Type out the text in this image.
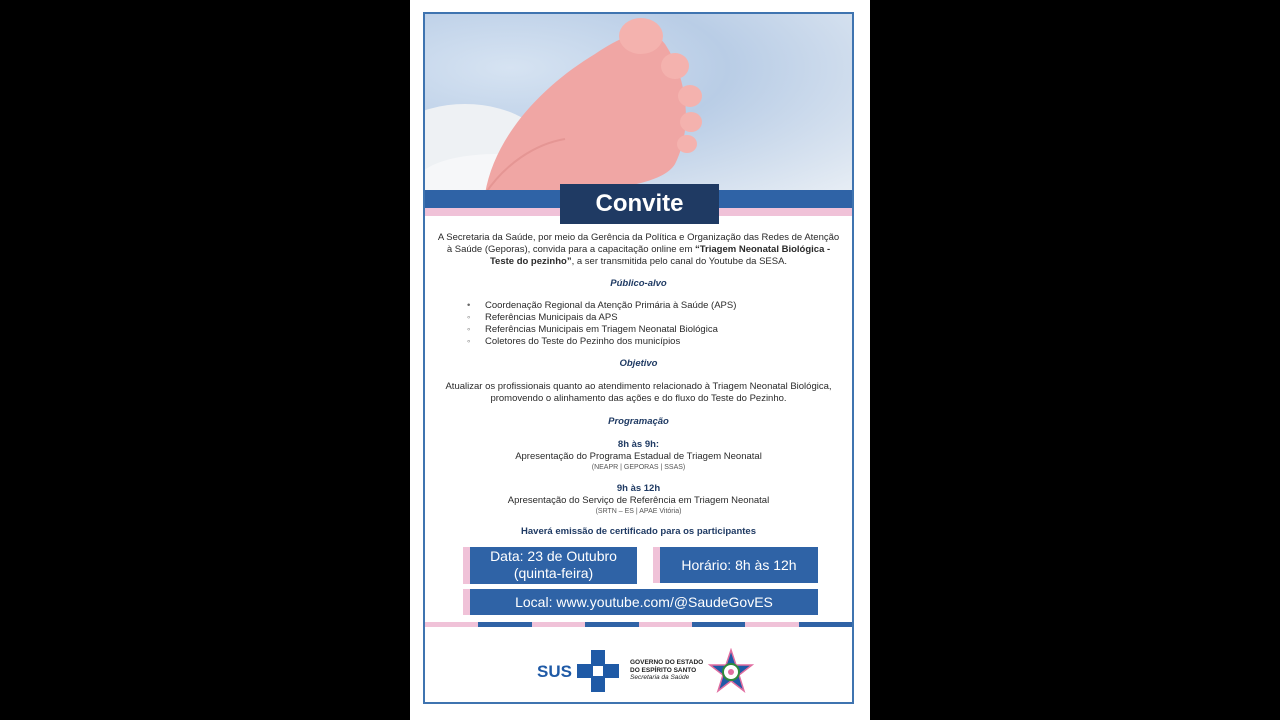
Convite

A Secretaria da Saúde, por meio da Gerência da Política e Organização das Redes de Atenção à Saúde (Geporas), convida para a capacitação online em “Triagem Neonatal Biológica - Teste do pezinho”, a ser transmitida pelo canal do Youtube da SESA.

Público-alvo
• Coordenação Regional da Atenção Primária à Saúde (APS)
◦ Referências Municipais da APS
◦ Referências Municipais em Triagem Neonatal Biológica
◦ Coletores do Teste do Pezinho dos municípios
Objetivo

Atualizar os profissionais quanto ao atendimento relacionado à Triagem Neonatal Biológica, promovendo o alinhamento das ações e do fluxo do Teste do Pezinho.

Programação
8h às 9h:
Apresentação do Programa Estadual de Triagem Neonatal
(NEAPR | GEPORAS | SSAS)
9h às 12h
Apresentação do Serviço de Referência em Triagem Neonatal
(SRTN – ES | APAE Vitória)
Haverá emissão de certificado para os participantes
Data: 23 de Outubro
(quinta-feira)	Horário: 8h às 12h
Local: www.youtube.com/@SaudeGovES
SUS	GOVERNO DO ESTADO
DO ESPÍRITO SANTO
Secretaria da Saúde
